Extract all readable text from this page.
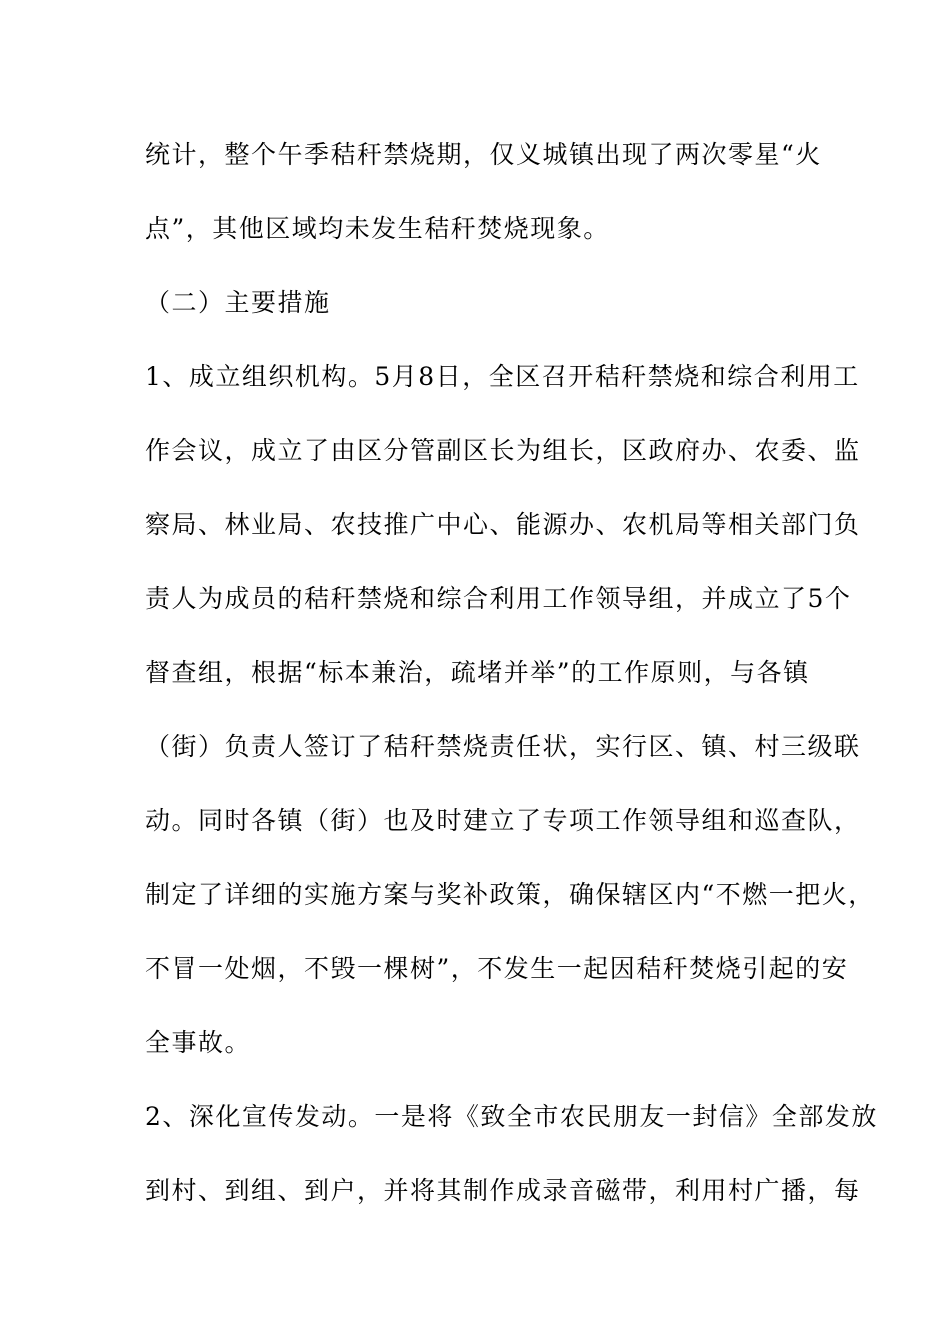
统计，整个午季秸秆禁烧期，仅义城镇出现了两次零星“火

点”，其他区域均未发生秸秆焚烧现象。

（二）主要措施

1、成立组织机构。5月8日，全区召开秸秆禁烧和综合利用工

作会议，成立了由区分管副区长为组长，区政府办、农委、监

察局、林业局、农技推广中心、能源办、农机局等相关部门负

责人为成员的秸秆禁烧和综合利用工作领导组，并成立了5个

督查组，根据“标本兼治，疏堵并举”的工作原则，与各镇

（街）负责人签订了秸秆禁烧责任状，实行区、镇、村三级联

动。同时各镇（街）也及时建立了专项工作领导组和巡查队，

制定了详细的实施方案与奖补政策，确保辖区内“不燃一把火，

不冒一处烟，不毁一棵树”，不发生一起因秸秆焚烧引起的安

全事故。

2、深化宣传发动。一是将《致全市农民朋友一封信》全部发放

到村、到组、到户，并将其制作成录音磁带，利用村广播，每
